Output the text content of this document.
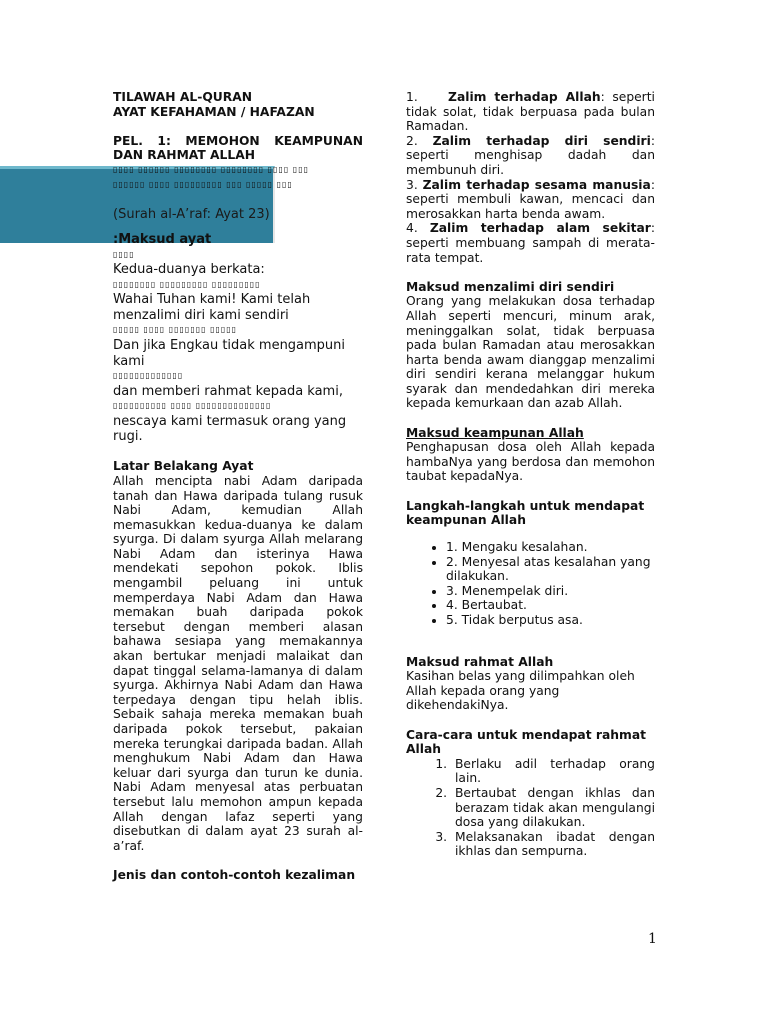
TILAWAH AL-QURAN
AYAT KEFAHAMAN / HAFAZAN
PEL. 1: MEMOHON KEAMPUNAN
DAN RAHMAT ALLAH
▯▯▯▯ ▯▯▯▯▯▯ ▯▯▯▯▯▯▯▯ ▯▯▯▯▯▯▯▯ ▯▯▯▯ ▯▯▯
▯▯▯▯▯▯ ▯▯▯▯ ▯▯▯▯▯▯▯▯▯ ▯▯▯ ▯▯▯▯▯ ▯▯▯
(Surah al-A’raf: Ayat 23)
:Maksud ayat
▯▯▯▯
Kedua-duanya berkata:
▯▯▯▯▯▯▯▯ ▯▯▯▯▯▯▯▯▯ ▯▯▯▯▯▯▯▯▯
Wahai Tuhan kami! Kami telah menzalimi diri kami sendiri
▯▯▯▯▯ ▯▯▯▯ ▯▯▯▯▯▯▯ ▯▯▯▯▯
Dan jika Engkau tidak mengampuni kami
▯▯▯▯▯▯▯▯▯▯▯▯▯
dan memberi rahmat kepada kami,
▯▯▯▯▯▯▯▯▯▯ ▯▯▯▯ ▯▯▯▯▯▯▯▯▯▯▯▯▯▯
nescaya kami termasuk orang yang rugi.
Latar Belakang Ayat
Allah mencipta nabi Adam daripada tanah dan Hawa daripada tulang rusuk Nabi Adam, kemudian Allah memasukkan kedua-duanya ke dalam syurga. Di dalam syurga Allah melarang Nabi Adam dan isterinya Hawa mendekati sepohon pokok. Iblis mengambil peluang ini untuk memperdaya Nabi Adam dan Hawa memakan buah daripada pokok tersebut dengan memberi alasan bahawa sesiapa yang memakannya akan bertukar menjadi malaikat dan dapat tinggal selama-lamanya di dalam syurga. Akhirnya Nabi Adam dan Hawa terpedaya dengan tipu helah iblis. Sebaik sahaja mereka memakan buah daripada pokok tersebut, pakaian mereka terungkai daripada badan. Allah menghukum Nabi Adam dan Hawa keluar dari syurga dan turun ke dunia. Nabi Adam menyesal atas perbuatan tersebut lalu memohon ampun kepada Allah dengan lafaz seperti yang disebutkan di dalam ayat 23 surah al-a’raf.
Jenis dan contoh-contoh kezaliman
1. Zalim terhadap Allah: seperti tidak solat, tidak berpuasa pada bulan Ramadan.
2. Zalim terhadap diri sendiri: seperti menghisap dadah dan membunuh diri.
3. Zalim terhadap sesama manusia: seperti membuli kawan, mencaci dan merosakkan harta benda awam.
4. Zalim terhadap alam sekitar: seperti membuang sampah di merata-rata tempat.
Maksud menzalimi diri sendiri
Orang yang melakukan dosa terhadap Allah seperti mencuri, minum arak, meninggalkan solat, tidak berpuasa pada bulan Ramadan atau merosakkan harta benda awam dianggap menzalimi diri sendiri kerana melanggar hukum syarak dan mendedahkan diri mereka kepada kemurkaan dan azab Allah.
Maksud keampunan Allah
Penghapusan dosa oleh Allah kepada hambaNya yang berdosa dan memohon taubat kepadaNya.
Langkah-langkah untuk mendapat keampunan Allah
• 1. Mengaku kesalahan.
• 2. Menyesal atas kesalahan yang dilakukan.
• 3. Menempelak diri.
• 4. Bertaubat.
• 5. Tidak berputus asa.
Maksud rahmat Allah
Kasihan belas yang dilimpahkan oleh Allah kepada orang yang dikehendakiNya.
Cara-cara untuk mendapat rahmat Allah
1. Berlaku adil terhadap orang lain.
2. Bertaubat dengan ikhlas dan berazam tidak akan mengulangi dosa yang dilakukan.
3. Melaksanakan ibadat dengan ikhlas dan sempurna.
1
